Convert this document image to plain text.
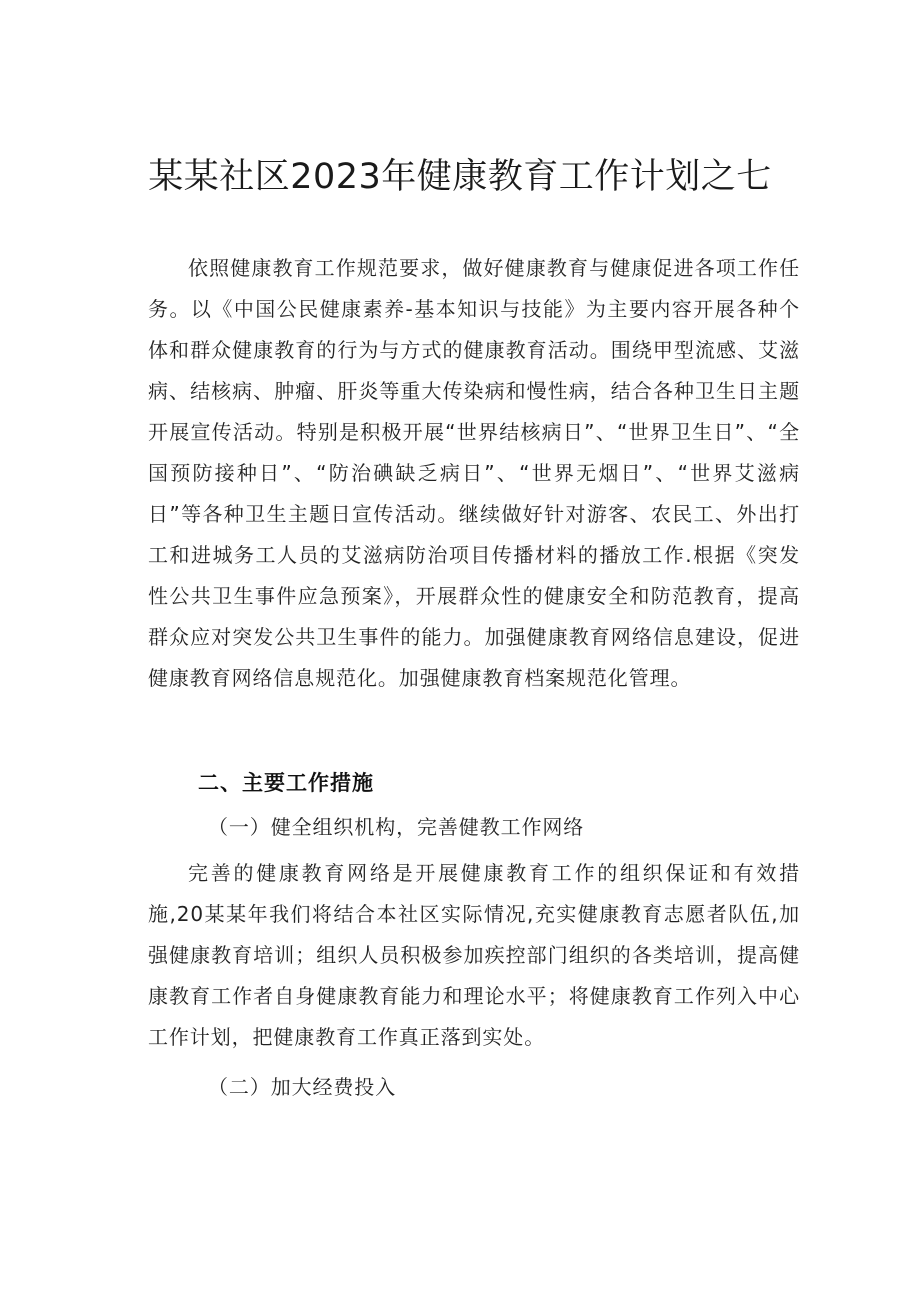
某某社区2023年健康教育工作计划之七

依照健康教育工作规范要求，做好健康教育与健康促进各项工作任务。以《中国公民健康素养-基本知识与技能》为主要内容开展各种个体和群众健康教育的行为与方式的健康教育活动。围绕甲型流感、艾滋病、结核病、肿瘤、肝炎等重大传染病和慢性病，结合各种卫生日主题开展宣传活动。特别是积极开展“世界结核病日”、“世界卫生日”、“全国预防接种日”、“防治碘缺乏病日”、“世界无烟日”、“世界艾滋病日”等各种卫生主题日宣传活动。继续做好针对游客、农民工、外出打工和进城务工人员的艾滋病防治项目传播材料的播放工作.根据《突发性公共卫生事件应急预案》，开展群众性的健康安全和防范教育，提高群众应对突发公共卫生事件的能力。加强健康教育网络信息建设，促进健康教育网络信息规范化。加强健康教育档案规范化管理。

二、主要工作措施

（一）健全组织机构，完善健教工作网络

完善的健康教育网络是开展健康教育工作的组织保证和有效措施,20某某年我们将结合本社区实际情况,充实健康教育志愿者队伍,加强健康教育培训；组织人员积极参加疾控部门组织的各类培训，提高健康教育工作者自身健康教育能力和理论水平；将健康教育工作列入中心工作计划，把健康教育工作真正落到实处。

（二）加大经费投入
